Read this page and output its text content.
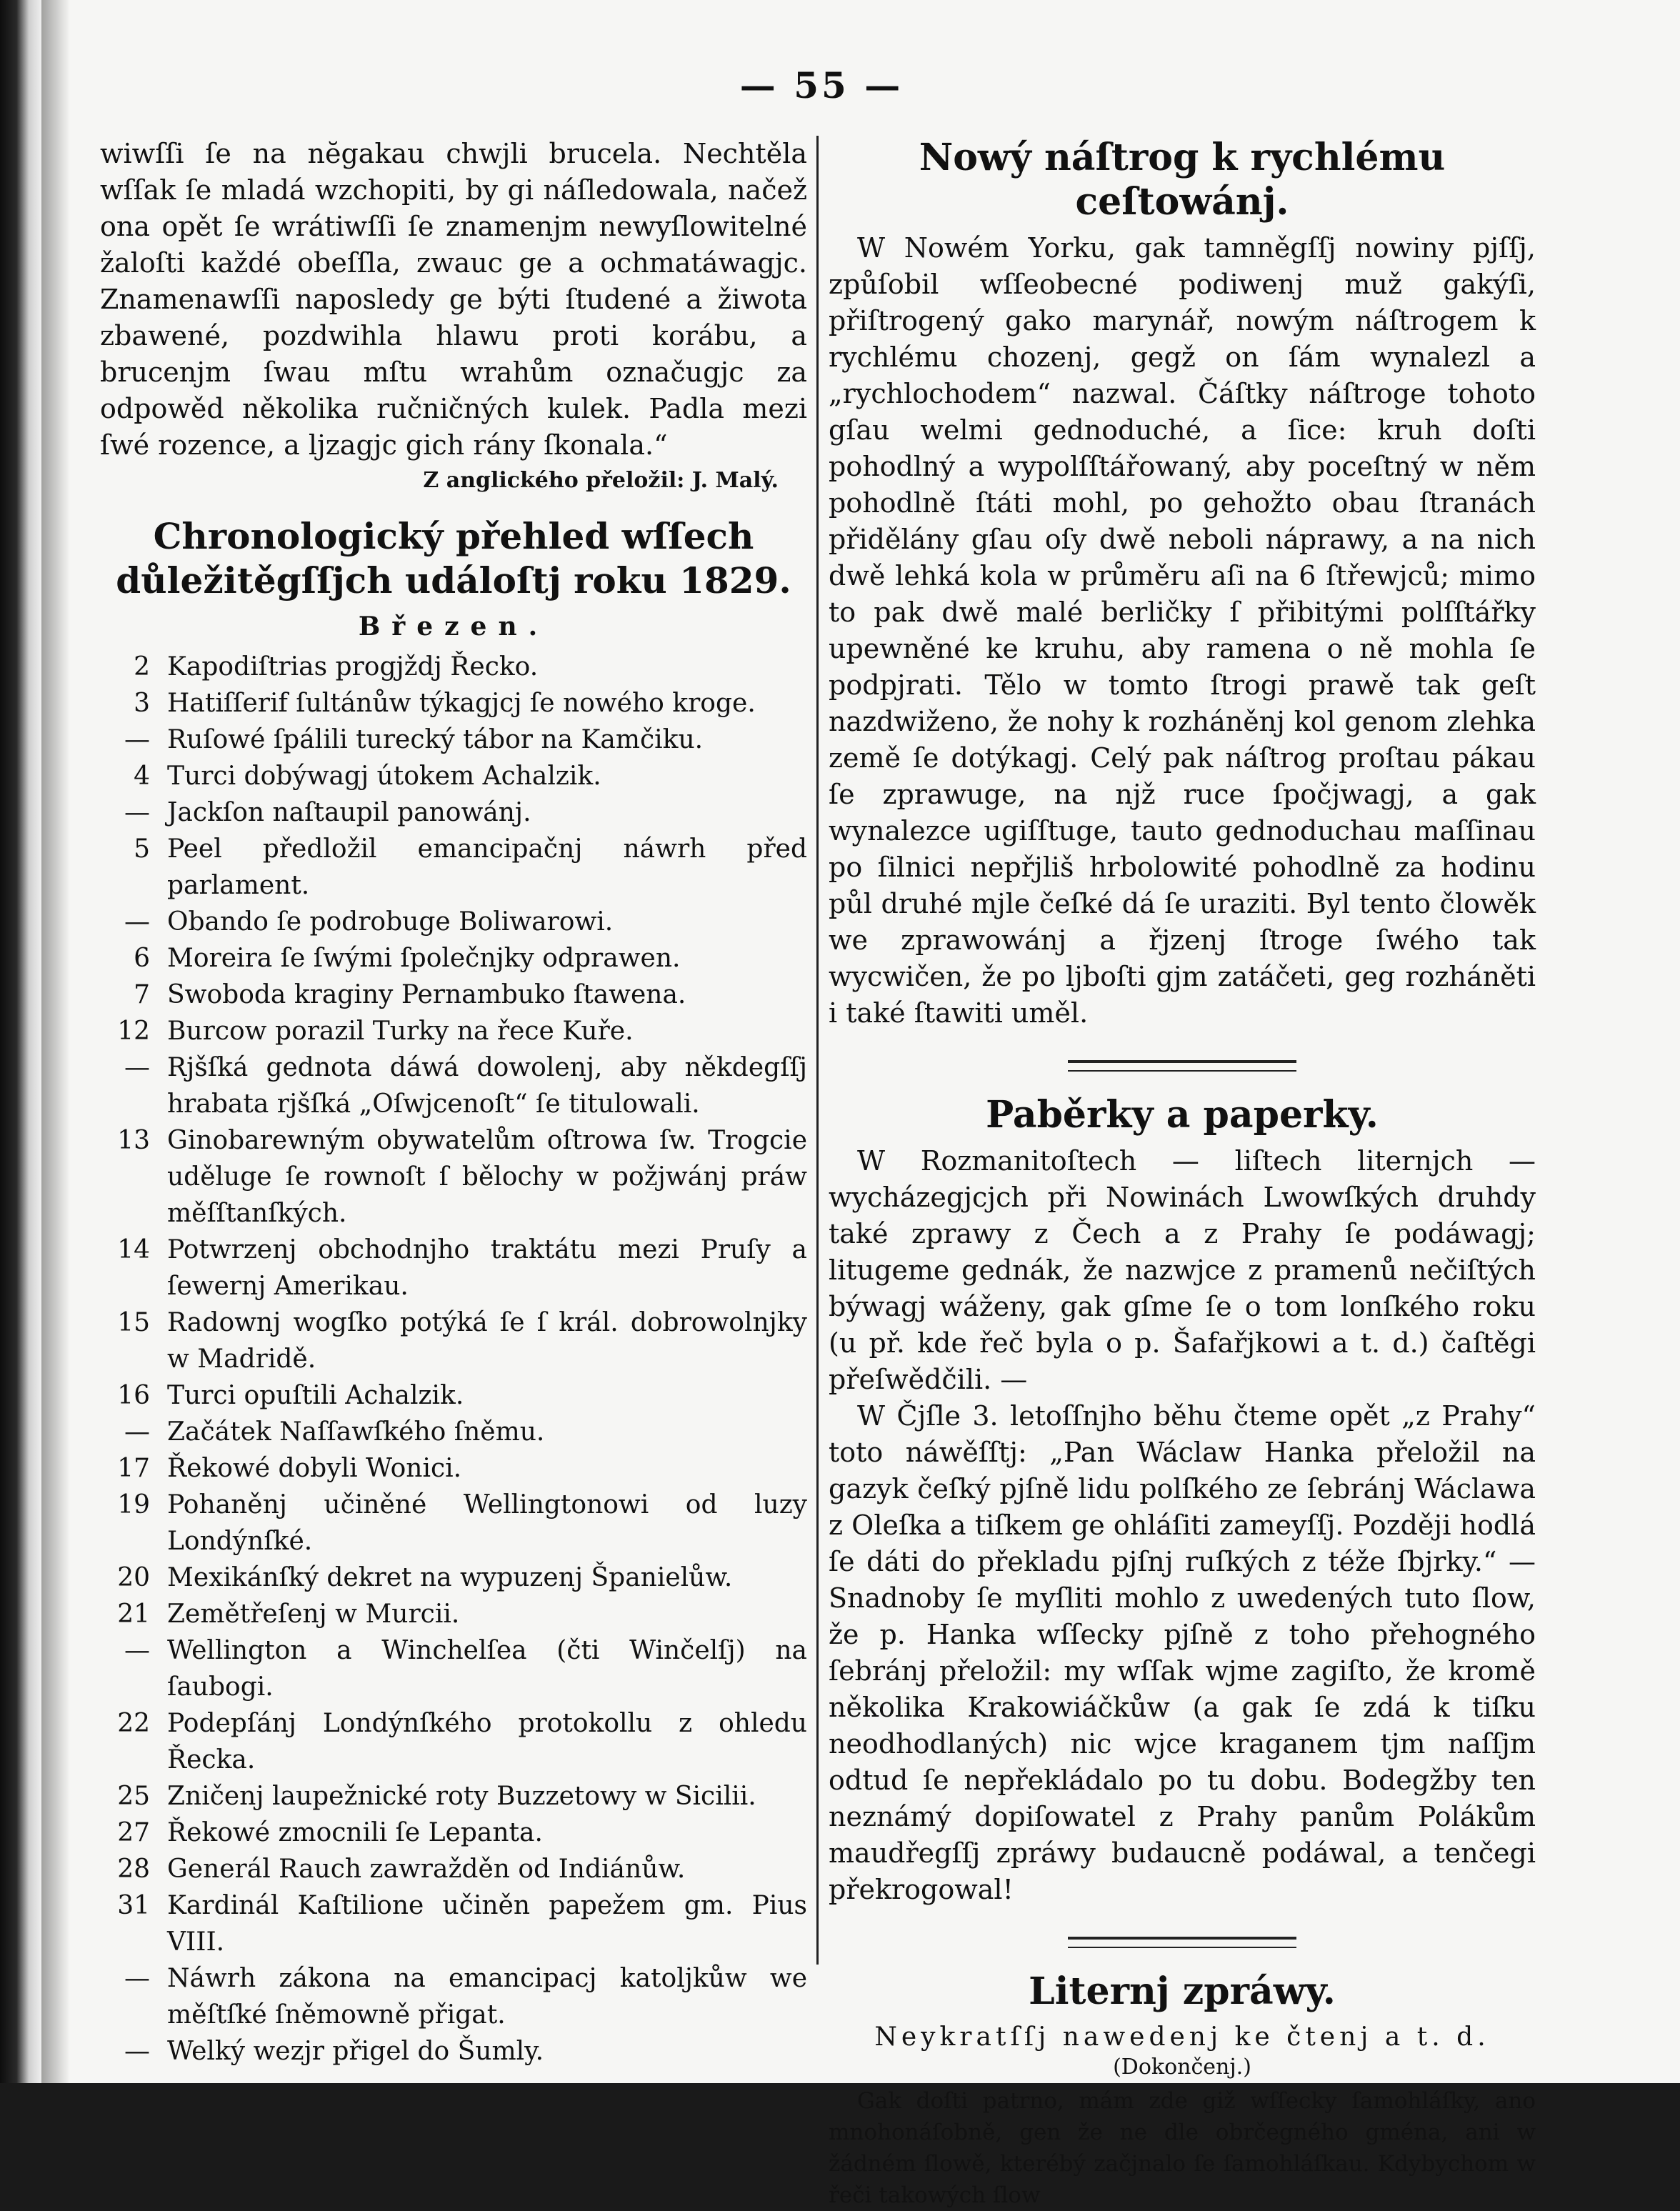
— 55 —

wiwſſi ſe na nĕgakau chwjli brucela. Nechtěla wſſak ſe mladá wzchopiti, by gi náſledowala, načež ona opět ſe wrátiwſſi ſe znamenjm newyſlowitelné žaloſti každé obeſſla, zwauc ge a ochmatáwagjc. Znamenawſſi naposledy ge býti ſtudené a žiwota zbawené, pozdwihla hlawu proti korábu, a brucenjm ſwau mſtu wrahům označugjc za odpowěd několika ručničných kulek. Padla mezi ſwé rozence, a ljzagjc gich rány ſkonala.“

Z anglického přeložil: J. Malý.
Chronologický přehled wſſech důležitěgſſjch událoſtj roku 1829.
Březen.
2 Kapodiſtrias progjždj Řecko.
3 Hatiſſerif ſultánůw týkagjcj ſe nowého kroge.
— Ruſowé ſpálili turecký tábor na Kamčiku.
4 Turci dobýwagj útokem Achalzik.
— Jackſon naſtaupil panowánj.
5 Peel předložil emancipačnj náwrh před parlament.
— Obando ſe podrobuge Boliwarowi.
6 Moreira ſe ſwými ſpolečnjky odprawen.
7 Swoboda kraginy Pernambuko ſtawena.
12 Burcow porazil Turky na řece Kuře.
— Rjšſká gednota dáwá dowolenj, aby někdegſſj hrabata rjšſká „Oſwjcenoſt“ ſe titulowali.
13 Ginobarewným obywatelům oſtrowa ſw. Trogcie uděluge ſe rownoſt ſ bělochy w požjwánj práw měſſtanſkých.
14 Potwrzenj obchodnjho traktátu mezi Pruſy a ſewernj Amerikau.
15 Radownj wogſko potýká ſe ſ král. dobrowolnjky w Madridě.
16 Turci opuſtili Achalzik.
— Začátek Naſſawſkého ſněmu.
17 Řekowé dobyli Wonici.
19 Pohaněnj učiněné Wellingtonowi od luzy Londýnſké.
20 Mexikánſký dekret na wypuzenj Španielůw.
21 Zemětřeſenj w Murcii.
— Wellington a Winchelſea (čti Winčelſj) na ſaubogi.
22 Podepſánj Londýnſkého protokollu z ohledu Řecka.
25 Zničenj laupežnické roty Buzzetowy w Sicilii.
27 Řekowé zmocnili ſe Lepanta.
28 Generál Rauch zawražděn od Indiánůw.
31 Kardinál Kaſtilione učiněn papežem gm. Pius VIII.
— Náwrh zákona na emancipacj katoljkůw we měſtſké ſněmowně přigat.
— Welký wezjr přigel do Šumly.
Nowý náſtrog k rychlému ceſtowánj.

W Nowém Yorku, gak tamněgſſj nowiny pjſſj, způſobil wſſeobecné podiwenj muž gakýſi, přiſtrogený gako marynář, nowým náſtrogem k rychlému chozenj, gegž on ſám wynalezl a „rychlochodem“ nazwal. Čáſtky náſtroge tohoto gſau welmi gednoduché, a ſice: kruh doſti pohodlný a wypolſſtářowaný, aby poceſtný w něm pohodlně ſtáti mohl, po gehožto obau ſtranách přidělány gſau oſy dwě neboli náprawy, a na nich dwě lehká kola w průměru aſi na 6 ſtřewjců; mimo to pak dwě malé berličky ſ přibitými polſſtářky upewněné ke kruhu, aby ramena o ně mohla ſe podpjrati. Tělo w tomto ſtrogi prawě tak geſt nazdwiženo, že nohy k rozháněnj kol genom zlehka země ſe dotýkagj. Celý pak náſtrog proſtau pákau ſe zprawuge, na njž ruce ſpočjwagj, a gak wynalezce ugiſſtuge, tauto gednoduchau maſſinau po ſilnici nepřjliš hrbolowité pohodlně za hodinu půl druhé mjle čeſké dá ſe uraziti. Byl tento člowěk we zprawowánj a řjzenj ſtroge ſwého tak wycwičen, že po ljboſti gjm zatáčeti, geg rozháněti i také ſtawiti uměl.

Paběrky a paperky.

W Rozmanitoſtech — liſtech liternjch — wycházegjcjch při Nowinách Lwowſkých druhdy také zprawy z Čech a z Prahy ſe podáwagj; litugeme gednák, že nazwjce z pramenů nečiſtých býwagj wáženy, gak gſme ſe o tom lonſkého roku (u př. kde řeč byla o p. Šafařjkowi a t. d.) čaſtěgi přeſwědčili. —

W Čjſle 3. letoſſnjho běhu čteme opět „z Prahy“ toto náwěſſtj: „Pan Wáclaw Hanka přeložil na gazyk čeſký pjſně lidu polſkého ze ſebránj Wáclawa z Oleſka a tiſkem ge ohláſiti zameyſſj. Později hodlá ſe dáti do překladu pjſnj ruſkých z téže ſbjrky.“ — Snadnoby ſe myſliti mohlo z uwedených tuto ſlow, že p. Hanka wſſecky pjſně z toho přehogného ſebránj přeložil: my wſſak wjme zagiſto, že kromě několika Krakowiáčkůw (a gak ſe zdá k tiſku neodhodlaných) nic wjce kraganem tjm naſſjm odtud ſe nepřekládalo po tu dobu. Bodegžby ten neznámý dopiſowatel z Prahy panům Polákům maudřegſſj zpráwy budaucně podáwal, a tenčegi překrogowal!

Liternj zpráwy.
Neykratſſj nawedenj ke čtenj a t. d.
(Dokončenj.)

Gak doſti patrno, mám zde giž wſſecky ſamohláſky, ano mnohonáſobně, gen že ne dle obrčegného gména, ani w žádném ſlowě, kterébý začjnalo ſe ſamohláſkau. Kdybychom w řeči takowých ſlow
